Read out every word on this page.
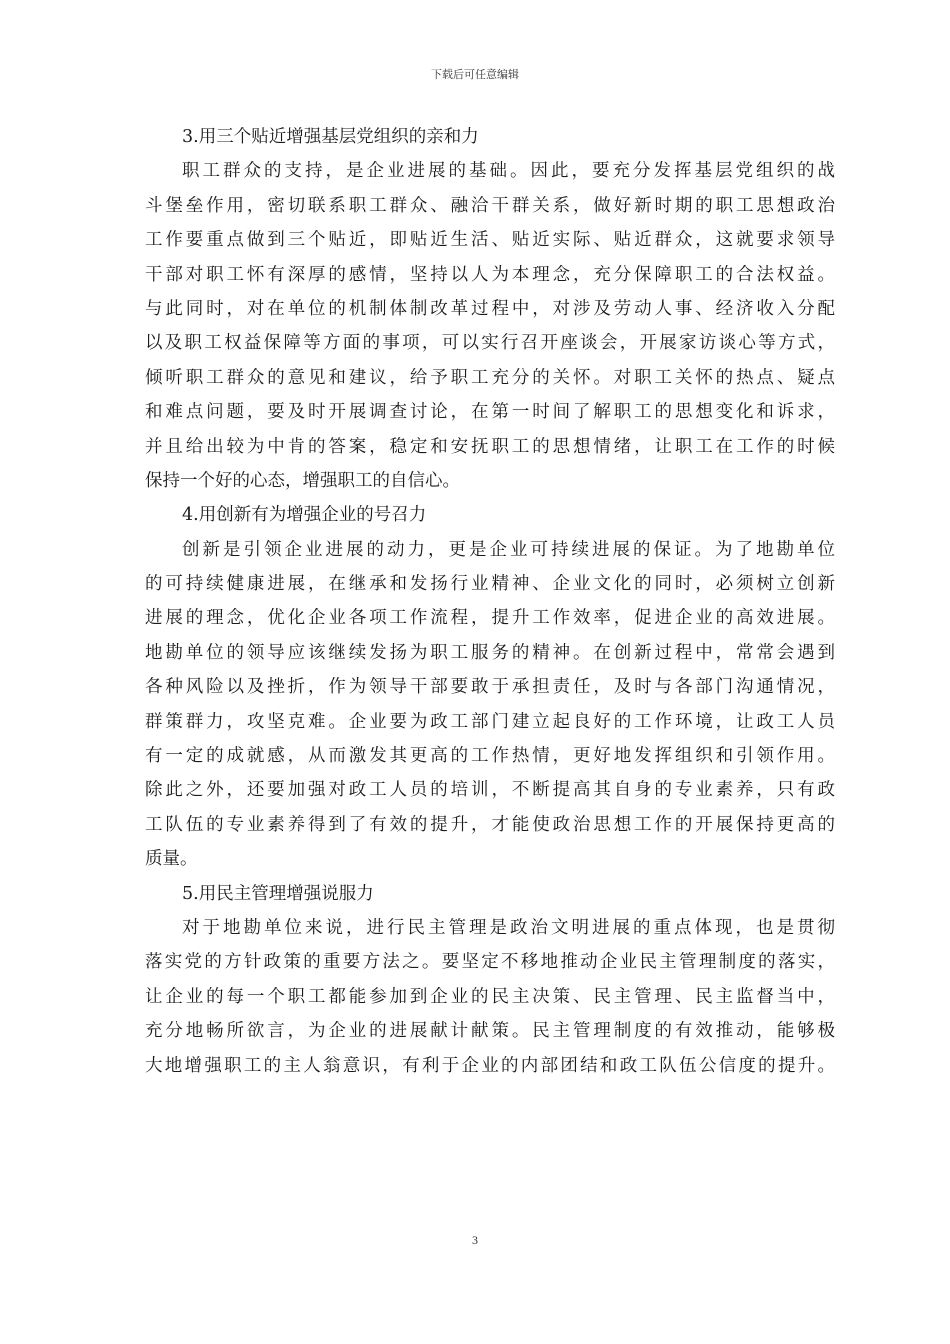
下载后可任意编辑
3.用三个贴近增强基层党组织的亲和力
职工群众的支持，是企业进展的基础。因此，要充分发挥基层党组织的战
斗堡垒作用，密切联系职工群众、融洽干群关系，做好新时期的职工思想政治
工作要重点做到三个贴近，即贴近生活、贴近实际、贴近群众，这就要求领导
干部对职工怀有深厚的感情，坚持以人为本理念，充分保障职工的合法权益。
与此同时，对在单位的机制体制改革过程中，对涉及劳动人事、经济收入分配
以及职工权益保障等方面的事项，可以实行召开座谈会，开展家访谈心等方式，
倾听职工群众的意见和建议，给予职工充分的关怀。对职工关怀的热点、疑点
和难点问题，要及时开展调查讨论，在第一时间了解职工的思想变化和诉求，
并且给出较为中肯的答案，稳定和安抚职工的思想情绪，让职工在工作的时候
保持一个好的心态，增强职工的自信心。
4.用创新有为增强企业的号召力
创新是引领企业进展的动力，更是企业可持续进展的保证。为了地勘单位
的可持续健康进展，在继承和发扬行业精神、企业文化的同时，必须树立创新
进展的理念，优化企业各项工作流程，提升工作效率，促进企业的高效进展。
地勘单位的领导应该继续发扬为职工服务的精神。在创新过程中，常常会遇到
各种风险以及挫折，作为领导干部要敢于承担责任，及时与各部门沟通情况，
群策群力，攻坚克难。企业要为政工部门建立起良好的工作环境，让政工人员
有一定的成就感，从而激发其更高的工作热情，更好地发挥组织和引领作用。
除此之外，还要加强对政工人员的培训，不断提高其自身的专业素养，只有政
工队伍的专业素养得到了有效的提升，才能使政治思想工作的开展保持更高的
质量。
5.用民主管理增强说服力
对于地勘单位来说，进行民主管理是政治文明进展的重点体现，也是贯彻
落实党的方针政策的重要方法之。要坚定不移地推动企业民主管理制度的落实，
让企业的每一个职工都能参加到企业的民主决策、民主管理、民主监督当中，
充分地畅所欲言，为企业的进展献计献策。民主管理制度的有效推动，能够极
大地增强职工的主人翁意识，有利于企业的内部团结和政工队伍公信度的提升。
3
